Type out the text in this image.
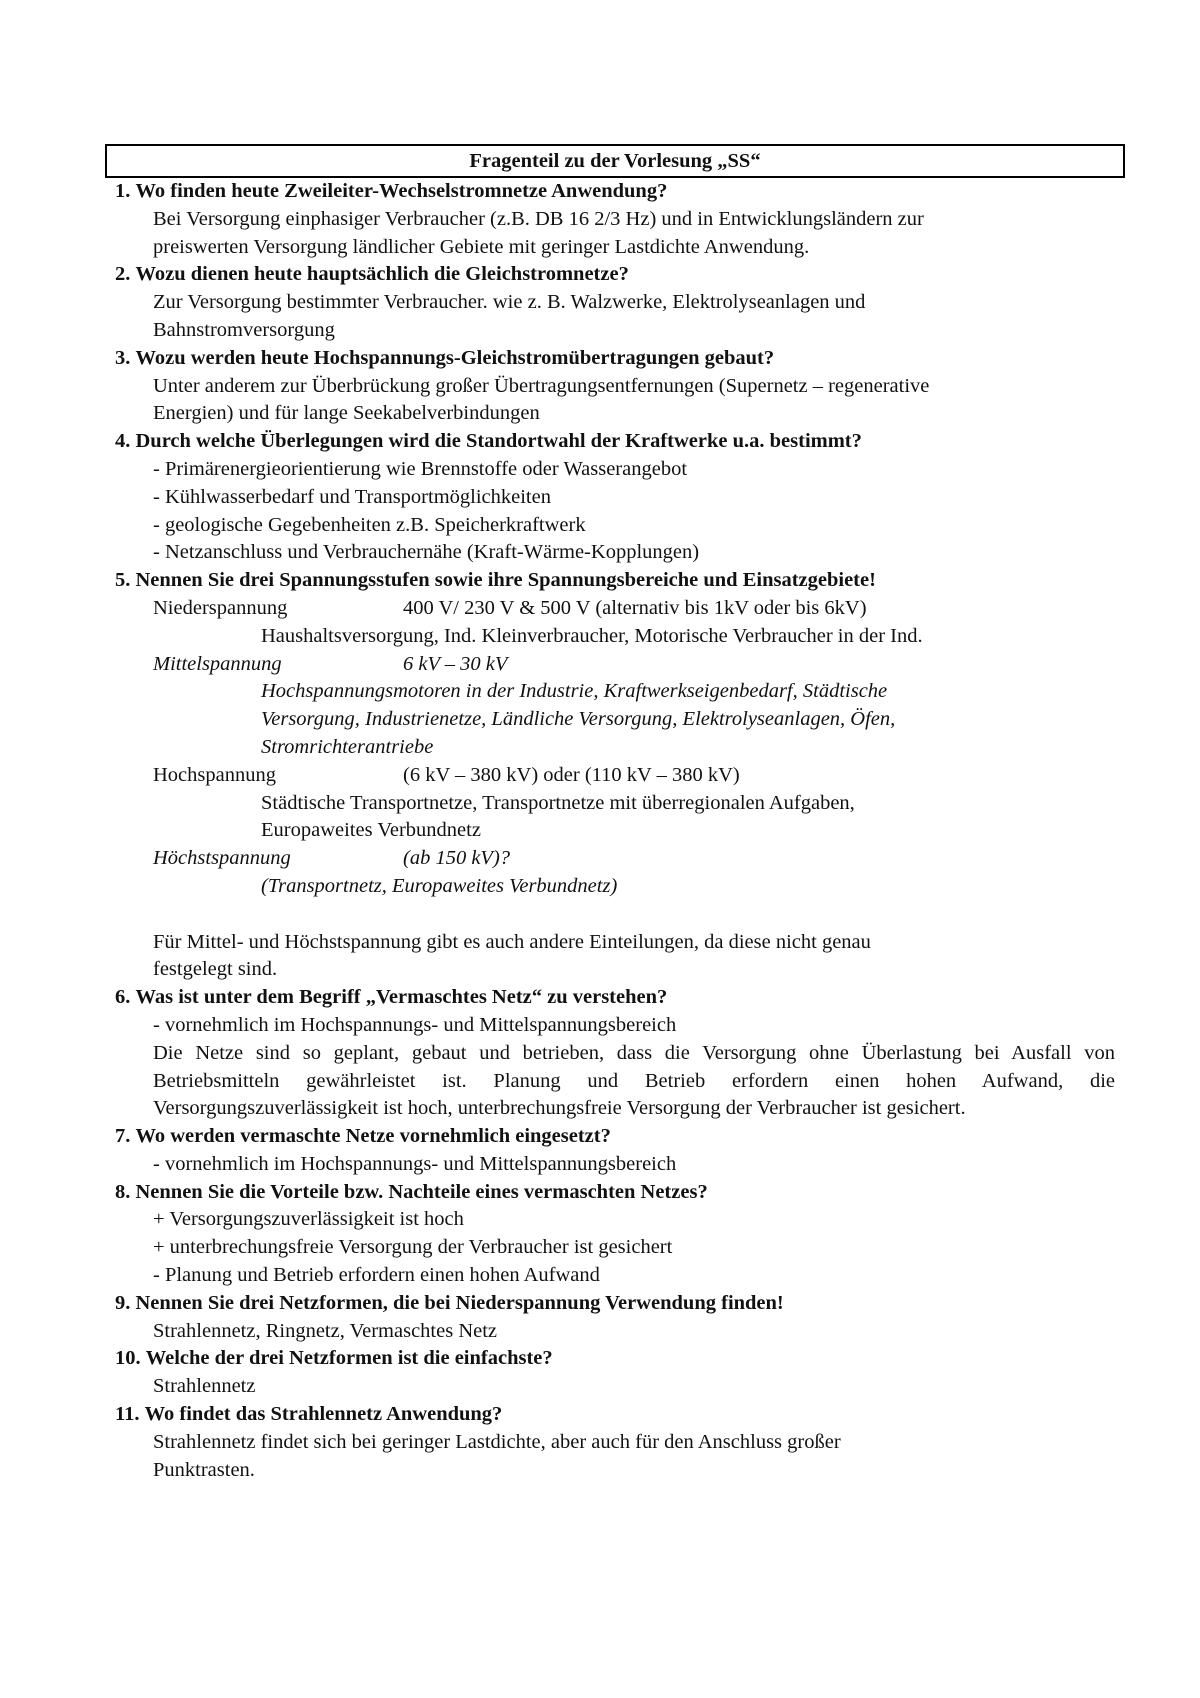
Fragenteil zu der Vorlesung „SS“
1. Wo finden heute Zweileiter-Wechselstromnetze Anwendung?
Bei Versorgung einphasiger Verbraucher (z.B. DB 16 2/3 Hz) und in Entwicklungsländern zur
preiswerten Versorgung ländlicher Gebiete mit geringer Lastdichte Anwendung.
2. Wozu dienen heute hauptsächlich die Gleichstromnetze?
Zur Versorgung bestimmter Verbraucher. wie z. B. Walzwerke, Elektrolyseanlagen und
Bahnstromversorgung
3. Wozu werden heute Hochspannungs-Gleichstromübertragungen gebaut?
Unter anderem zur Überbrückung großer Übertragungsentfernungen (Supernetz – regenerative
Energien) und für lange Seekabelverbindungen
4. Durch welche Überlegungen wird die Standortwahl der Kraftwerke u.a. bestimmt?
- Primärenergieorientierung wie Brennstoffe oder Wasserangebot
- Kühlwasserbedarf und Transportmöglichkeiten
- geologische Gegebenheiten z.B. Speicherkraftwerk
- Netzanschluss und Verbrauchernähe (Kraft-Wärme-Kopplungen)
5. Nennen Sie drei Spannungsstufen sowie ihre Spannungsbereiche und Einsatzgebiete!
Niederspannung	400 V/ 230 V & 500 V (alternativ bis 1kV oder bis 6kV)
Haushaltsversorgung, Ind. Kleinverbraucher, Motorische Verbraucher in der Ind.
Mittelspannung	6 kV – 30 kV
Hochspannungsmotoren in der Industrie, Kraftwerkseigenbedarf, Städtische
Versorgung, Industrienetze, Ländliche Versorgung, Elektrolyseanlagen, Öfen,
Stromrichterantriebe
Hochspannung	(6 kV – 380 kV) oder (110 kV – 380 kV)
Städtische Transportnetze, Transportnetze mit überregionalen Aufgaben,
Europaweites Verbundnetz
Höchstspannung	(ab 150 kV)?
(Transportnetz, Europaweites Verbundnetz)
Für Mittel- und Höchstspannung gibt es auch andere Einteilungen, da diese nicht genau
festgelegt sind.
6. Was ist unter dem Begriff „Vermaschtes Netz“ zu verstehen?
- vornehmlich im Hochspannungs- und Mittelspannungsbereich
Die Netze sind so geplant, gebaut und betrieben, dass die Versorgung ohne Überlastung bei Ausfall von Betriebsmitteln gewährleistet ist. Planung und Betrieb erfordern einen hohen Aufwand, die Versorgungszuverlässigkeit ist hoch, unterbrechungsfreie Versorgung der Verbraucher ist gesichert.
7. Wo werden vermaschte Netze vornehmlich eingesetzt?
- vornehmlich im Hochspannungs- und Mittelspannungsbereich
8. Nennen Sie die Vorteile bzw. Nachteile eines vermaschten Netzes?
+ Versorgungszuverlässigkeit ist hoch
+ unterbrechungsfreie Versorgung der Verbraucher ist gesichert
- Planung und Betrieb erfordern einen hohen Aufwand
9. Nennen Sie drei Netzformen, die bei Niederspannung Verwendung finden!
Strahlennetz, Ringnetz, Vermaschtes Netz
10. Welche der drei Netzformen ist die einfachste?
Strahlennetz
11. Wo findet das Strahlennetz Anwendung?
Strahlennetz findet sich bei geringer Lastdichte, aber auch für den Anschluss großer
Punktrasten.
